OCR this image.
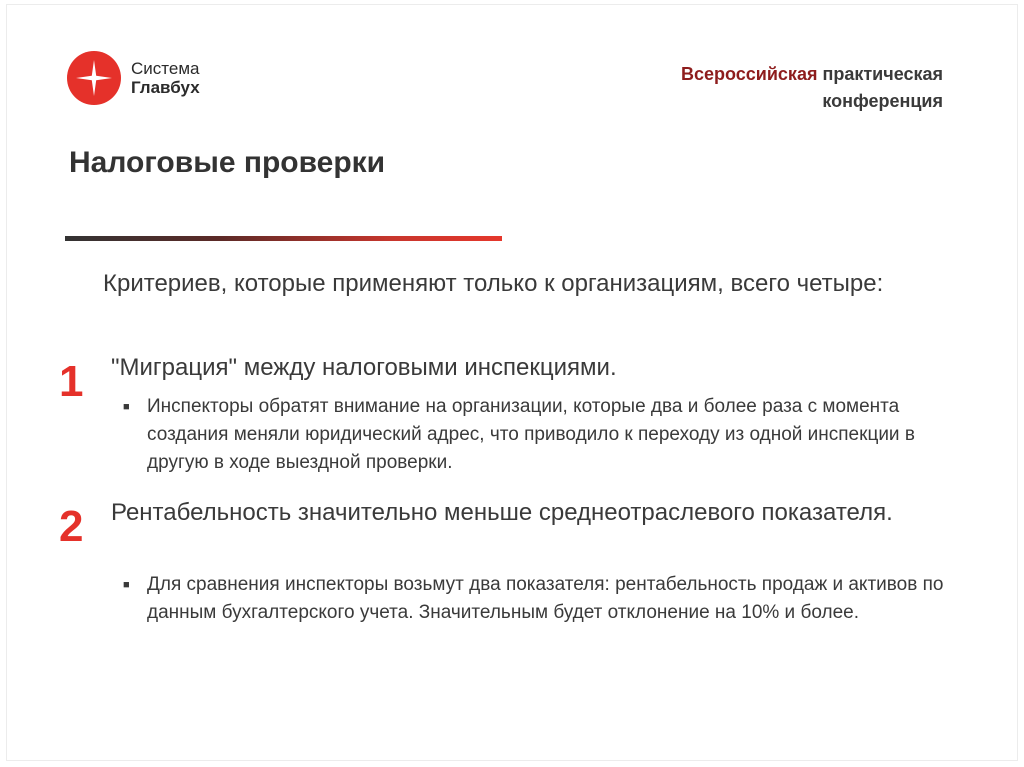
Система
Главбух
Всероссийская практическая
конференция
Налоговые проверки
Критериев, которые применяют только к организациям, всего четыре:
1 "Миграция" между налоговыми инспекциями.
■ Инспекторы обратят внимание на организации, которые два и более раза с момента создания меняли юридический адрес, что приводило к переходу из одной инспекции в другую в ходе выездной проверки.
2 Рентабельность значительно меньше среднеотраслевого показателя.
■ Для сравнения инспекторы возьмут два показателя: рентабельность продаж и активов по данным бухгалтерского учета. Значительным будет отклонение на 10% и более.
